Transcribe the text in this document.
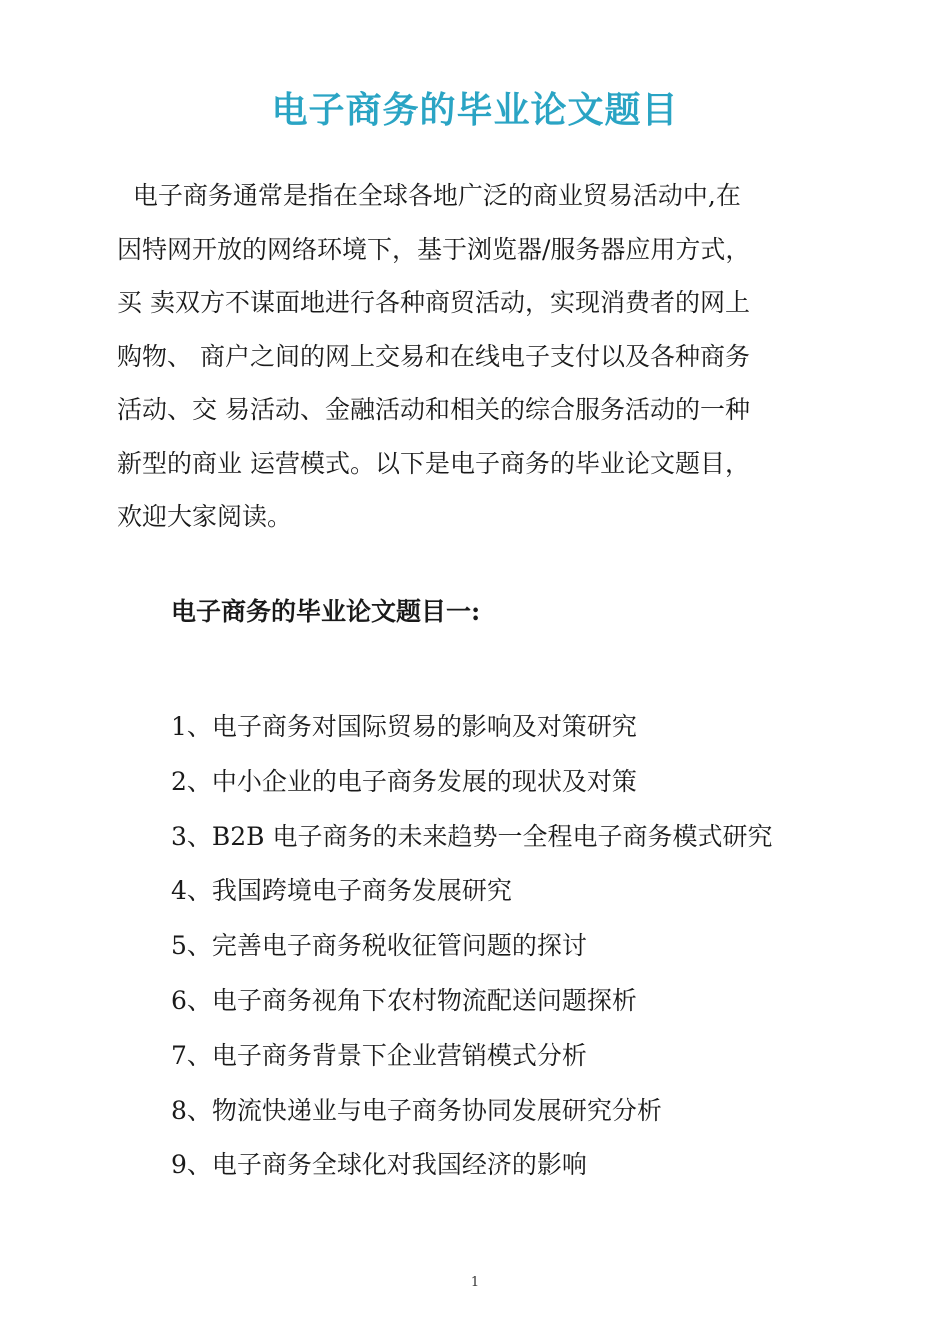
电子商务的毕业论文题目

电子商务通常是指在全球各地广泛的商业贸易活动中,在
因特网开放的网络环境下，基于浏览器/服务器应用方式，
买 卖双方不谋面地进行各种商贸活动，实现消费者的网上
购物、 商户之间的网上交易和在线电子支付以及各种商务
活动、交 易活动、金融活动和相关的综合服务活动的一种
新型的商业 运营模式。以下是电子商务的毕业论文题目，
欢迎大家阅读。

电子商务的毕业论文题目一:
1、电子商务对国际贸易的影响及对策研究
2、中小企业的电子商务发展的现状及对策
3、B2B 电子商务的未来趋势一全程电子商务模式研究
4、我国跨境电子商务发展研究
5、完善电子商务税收征管问题的探讨
6、电子商务视角下农村物流配送问题探析
7、电子商务背景下企业营销模式分析
8、物流快递业与电子商务协同发展研究分析
9、电子商务全球化对我国经济的影响
1
